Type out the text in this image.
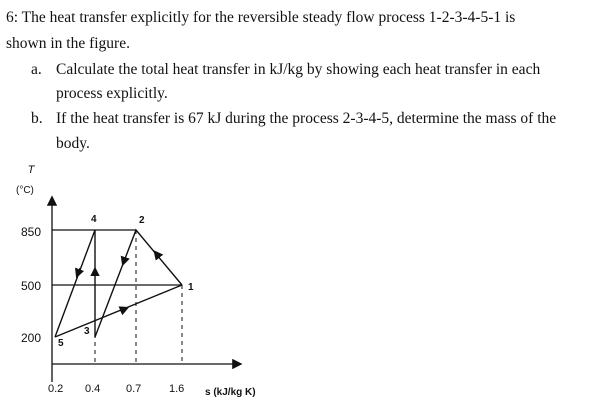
6: The heat transfer explicitly for the reversible steady flow process 1-2-3-4-5-1 is
shown in the figure.
a. Calculate the total heat transfer in kJ/kg by showing each heat transfer in each
process explicitly.
b. If the heat transfer is 67 kJ during the process 2-3-4-5, determine the mass of the
body.
T
(°C)
s (kJ/kg K)
850
500
200
0.2 0.4 0.7	1.6
1
2
3
4
5
